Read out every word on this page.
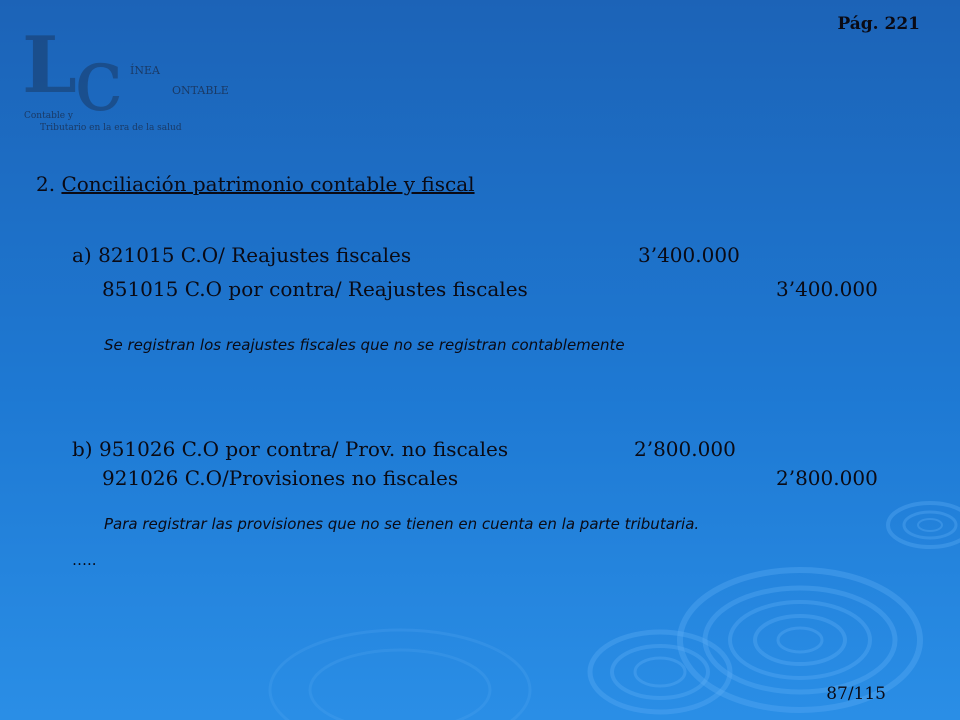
Pág. 221
L
c ÍNEA
ONTABLE
Contable y
Tributario en la era de la salud
2. Conciliación patrimonio contable y fiscal
a) 821015 C.O/ Reajustes fiscales	3’400.000
851015 C.O por contra/ Reajustes fiscales	3’400.000
Se registran los reajustes fiscales que no se registran contablemente
b) 951026 C.O por contra/ Prov. no fiscales	2’800.000
921026 C.O/Provisiones no fiscales	2’800.000
Para registrar las provisiones que no se tienen en cuenta en la parte tributaria.
…..
87/115
